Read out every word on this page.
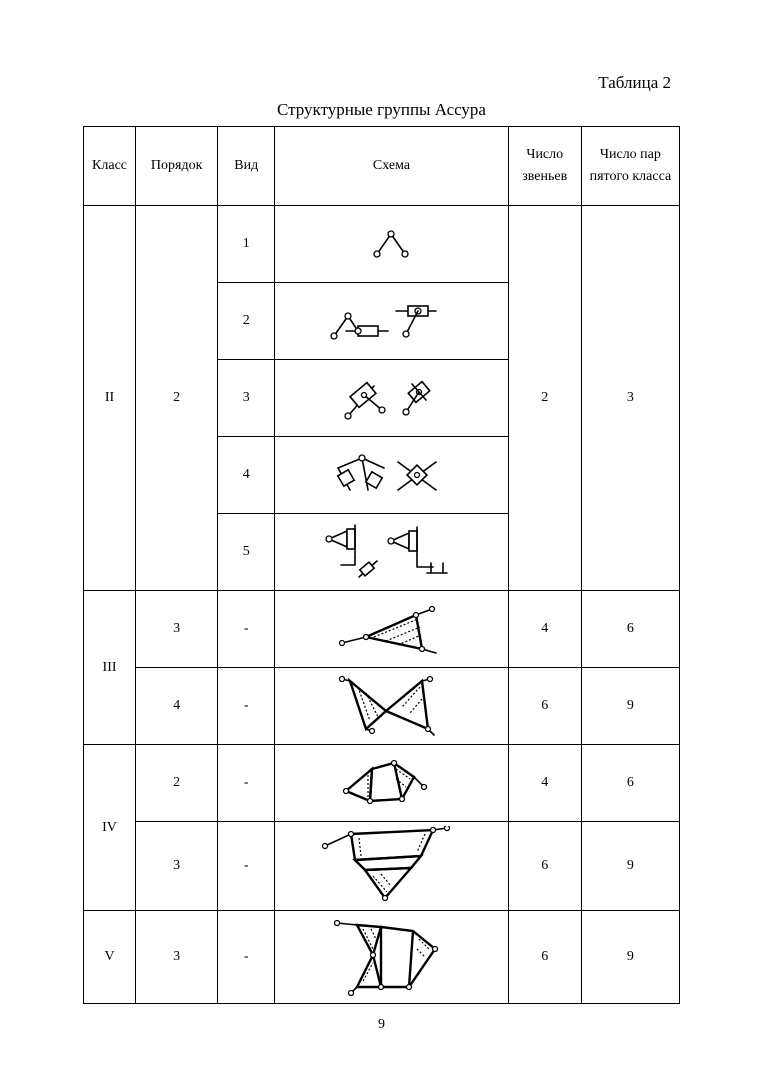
Таблица 2
Структурные группы Ассура
Класс	Порядок	Вид	Схема	Число звеньев	Число пар пятого класса
II	2	1		2	3
		2	

		3	

		4	

		5	

III	3	-		4	6
	4	-		6	9
IV	2	-		4	6
	3	-		6	9
V	3	-		6	9
9
